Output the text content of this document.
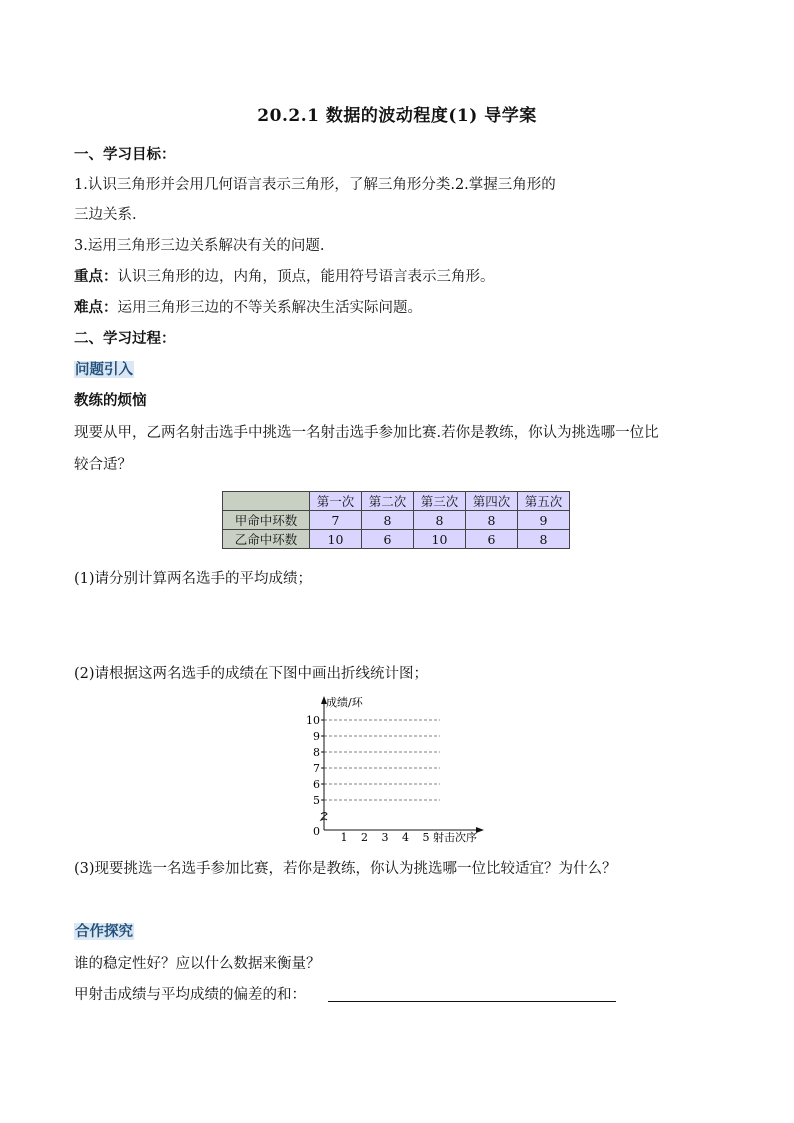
20.2.1 数据的波动程度(1) 导学案
一、学习目标：
1.认识三角形并会用几何语言表示三角形，了解三角形分类.2.掌握三角形的
三边关系.
3.运用三角形三边关系解决有关的问题.
重点：认识三角形的边，内角，顶点，能用符号语言表示三角形。
难点：运用三角形三边的不等关系解决生活实际问题。
二、学习过程：
问题引入
教练的烦恼
现要从甲，乙两名射击选手中挑选一名射击选手参加比赛.若你是教练，你认为挑选哪一位比
较合适？
	第一次	第二次	第三次	第四次	第五次
甲命中环数	7	8	8	8	9
乙命中环数	10	6	10	6	8
(1)请分别计算两名选手的平均成绩；
(2)请根据这两名选手的成绩在下图中画出折线统计图；
5
6
7
8
9
10
1 2 3 4 5
成绩/环
射击次序
0
(3)现要挑选一名选手参加比赛，若你是教练，你认为挑选哪一位比较适宜？为什么？
合作探究
谁的稳定性好？应以什么数据来衡量？
甲射击成绩与平均成绩的偏差的和：
